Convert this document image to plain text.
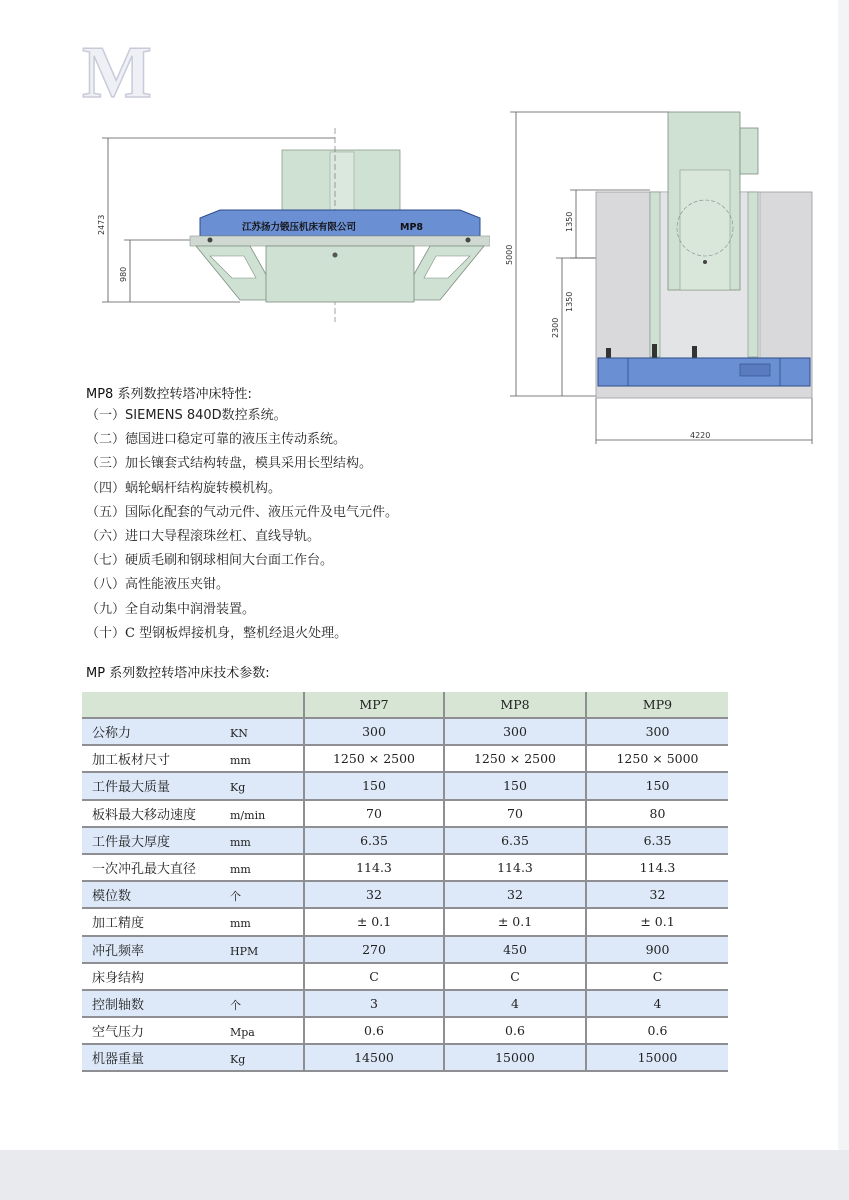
M
2473
980
江苏扬力锻压机床有限公司	MP8
5000
1350
1350
2300
4220
MP8 系列数控转塔冲床特性:
（一）SIEMENS 840D数控系统。
（二）德国进口稳定可靠的液压主传动系统。
（三）加长镶套式结构转盘，模具采用长型结构。
（四）蜗轮蜗杆结构旋转模机构。
（五）国际化配套的气动元件、液压元件及电气元件。
（六）进口大导程滚珠丝杠、直线导轨。
（七）硬质毛刷和钢球相间大台面工作台。
（八）高性能液压夹钳。
（九）全自动集中润滑装置。
（十）C 型钢板焊接机身，整机经退火处理。
MP 系列数控转塔冲床技术参数:
	MP7	MP8	MP9
公称力 KN	300	300	300
加工板材尺寸 mm	1250 × 2500	1250 × 2500	1250 × 5000
工件最大质量 Kg	150	150	150
板料最大移动速度 m/min	70	70	80
工件最大厚度 mm	6.35	6.35	6.35
一次冲孔最大直径 mm	114.3	114.3	114.3
模位数 个	32	32	32
加工精度 mm	± 0.1	± 0.1	± 0.1
冲孔频率 HPM	270	450	900
床身结构	C	C	C
控制轴数 个	3	4	4
空气压力 Mpa	0.6	0.6	0.6
机器重量 Kg	14500	15000	15000
